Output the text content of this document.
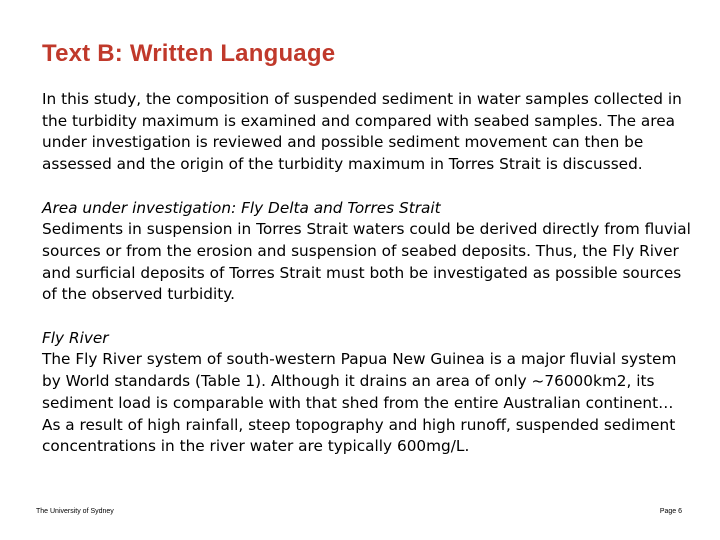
Text B: Written Language

In this study, the composition of suspended sediment in water samples collected in the turbidity maximum is examined and compared with seabed samples. The area under investigation is reviewed and possible sediment movement can then be assessed and the origin of the turbidity maximum in Torres Strait is discussed.

Area under investigation: Fly Delta and Torres Strait

Sediments in suspension in Torres Strait waters could be derived directly from fluvial sources or from the erosion and suspension of seabed deposits. Thus, the Fly River and surficial deposits of Torres Strait must both be investigated as possible sources of the observed turbidity.

Fly River

The Fly River system of south-western Papua New Guinea is a major fluvial system by World standards (Table 1). Although it drains an area of only ~76000km2, its sediment load is comparable with that shed from the entire Australian continent… As a result of high rainfall, steep topography and high runoff, suspended sediment concentrations in the river water are typically 600mg/L.

The University of Sydney	Page 6
